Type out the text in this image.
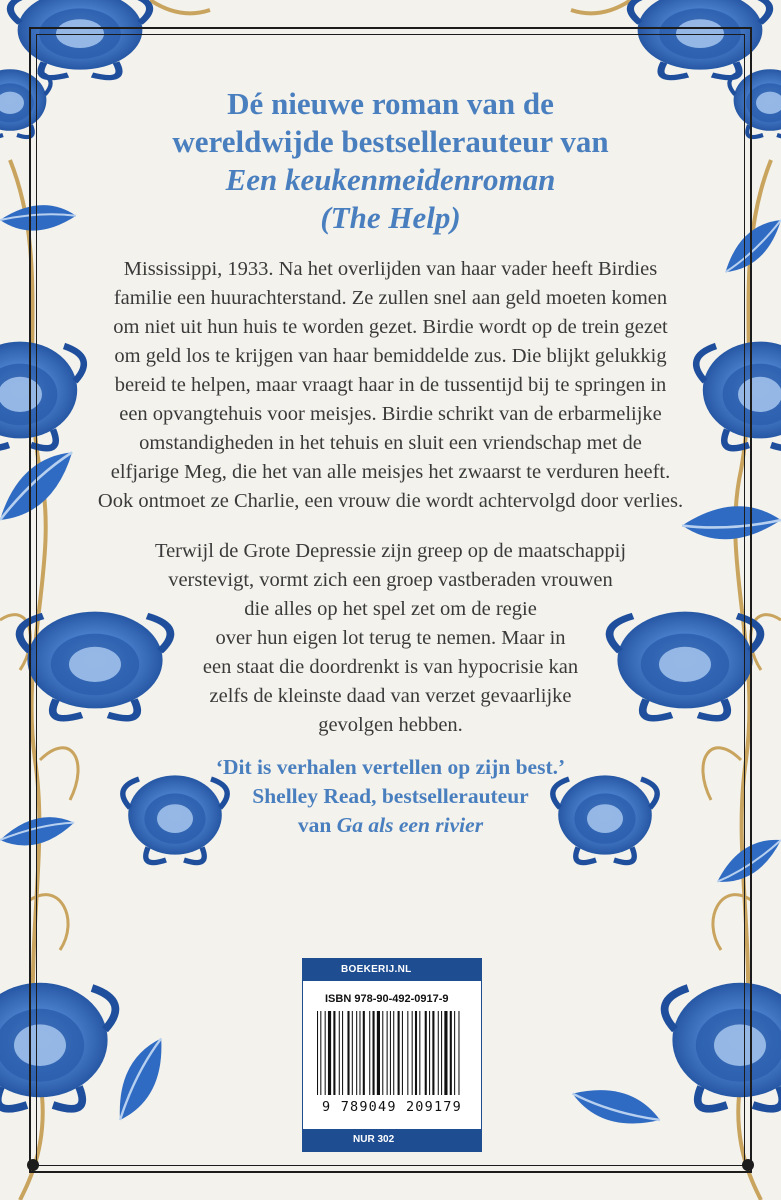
Dé nieuwe roman van de
wereldwijde bestsellerauteur van
Een keukenmeidenroman
(The Help)
Mississippi, 1933. Na het overlijden van haar vader heeft Birdies
familie een huurachterstand. Ze zullen snel aan geld moeten komen
om niet uit hun huis te worden gezet. Birdie wordt op de trein gezet
om geld los te krijgen van haar bemiddelde zus. Die blijkt gelukkig
bereid te helpen, maar vraagt haar in de tussentijd bij te springen in
een opvangtehuis voor meisjes. Birdie schrikt van de erbarmelijke
omstandigheden in het tehuis en sluit een vriendschap met de
elfjarige Meg, die het van alle meisjes het zwaarst te verduren heeft.
Ook ontmoet ze Charlie, een vrouw die wordt achtervolgd door verlies.
Terwijl de Grote Depressie zijn greep op de maatschappij
verstevigt, vormt zich een groep vastberaden vrouwen
die alles op het spel zet om de regie
over hun eigen lot terug te nemen. Maar in
een staat die doordrenkt is van hypocrisie kan
zelfs de kleinste daad van verzet gevaarlijke
gevolgen hebben.
‘Dit is verhalen vertellen op zijn best.’
Shelley Read, bestsellerauteur
van Ga als een rivier
BOEKERIJ.NL
ISBN 978-90-492-0917-9
9 789049 209179
NUR 302
